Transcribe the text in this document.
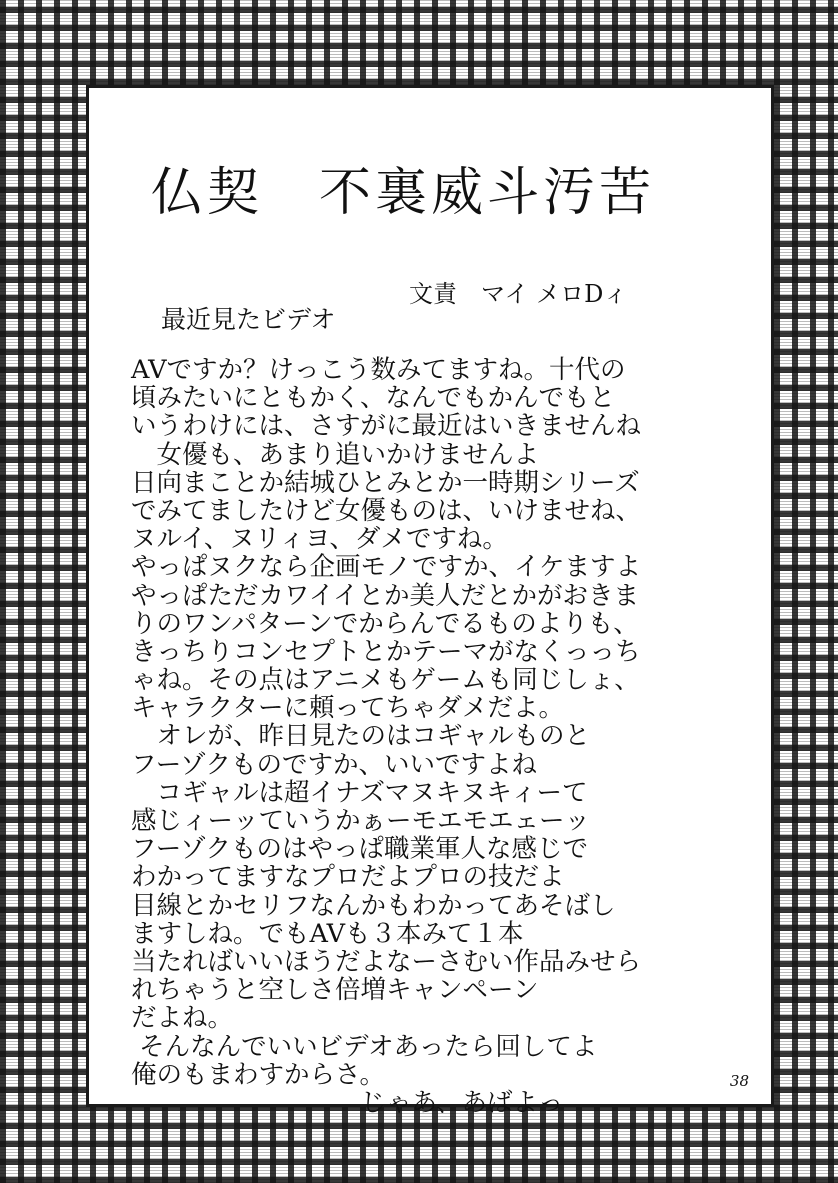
仏契　不裏威斗汚苦
文責　マイ メロDィ
最近見たビデオ
AVですか？けっこう数みてますね。十代の
頃みたいにともかく、なんでもかんでもと
いうわけには、さすがに最近はいきませんね
　女優も、あまり追いかけませんよ
日向まことか結城ひとみとか一時期シリーズ
でみてましたけど女優ものは、いけませね、
ヌルイ、ヌリィヨ、ダメですね。
やっぱヌクなら企画モノですか、イケますよ
やっぱただカワイイとか美人だとかがおきま
りのワンパターンでからんでるものよりも、
きっちりコンセプトとかテーマがなくっっち
ゃね。その点はアニメもゲームも同じしょ、
キャラクターに頼ってちゃダメだよ。
　オレが、昨日見たのはコギャルものと
フーゾクものですか、いいですよね
　コギャルは超イナズマヌキヌキィーて
感じィーッていうかぁーモエモエェーッ
フーゾクものはやっぱ職業軍人な感じで
わかってますなプロだよプロの技だよ
目線とかセリフなんかもわかってあそばし
ますしね。でもAVも３本みて１本
当たればいいほうだよなーさむい作品みせら
れちゃうと空しさ倍増キャンペーン
だよね。
そんなんでいいビデオあったら回してよ
俺のもまわすからさ。
　　　　　　　　　じゃあ、あばよっ
38
